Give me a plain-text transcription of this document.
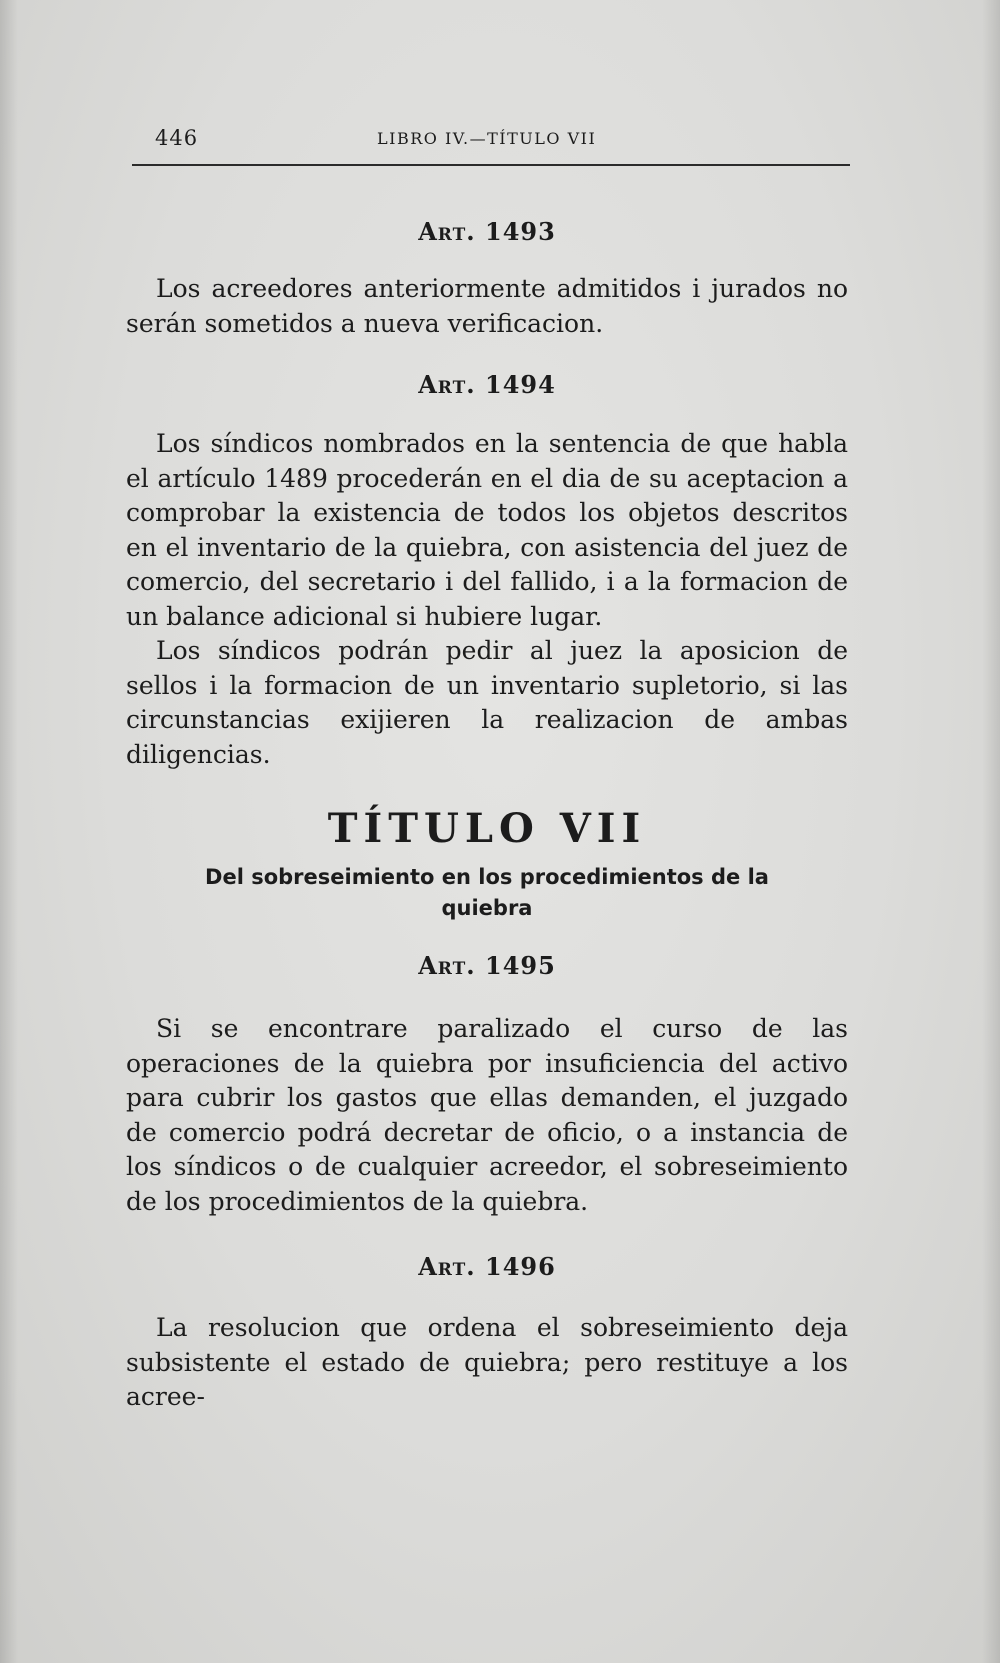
446	LIBRO IV.—TÍTULO VII
Art. 1493

Los acreedores anteriormente admitidos i jurados no serán sometidos a nueva verificacion.

Art. 1494

Los síndicos nombrados en la sentencia de que habla el artículo 1489 procederán en el dia de su aceptacion a comprobar la existencia de todos los objetos descritos en el inventario de la quiebra, con asistencia del juez de comercio, del secretario i del fallido, i a la formacion de un balance adicional si hubiere lugar.

Los síndicos podrán pedir al juez la aposicion de sellos i la formacion de un inventario supletorio, si las circunstancias exijieren la realizacion de ambas diligencias.

TÍTULO VII

Del sobreseimiento en los procedimientos de la quiebra

Art. 1495

Si se encontrare paralizado el curso de las operaciones de la quiebra por insuficiencia del activo para cubrir los gastos que ellas demanden, el juzgado de comercio podrá decretar de oficio, o a instancia de los síndicos o de cualquier acreedor, el sobreseimiento de los procedimientos de la quiebra.

Art. 1496

La resolucion que ordena el sobreseimiento deja subsistente el estado de quiebra; pero restituye a los acree-
